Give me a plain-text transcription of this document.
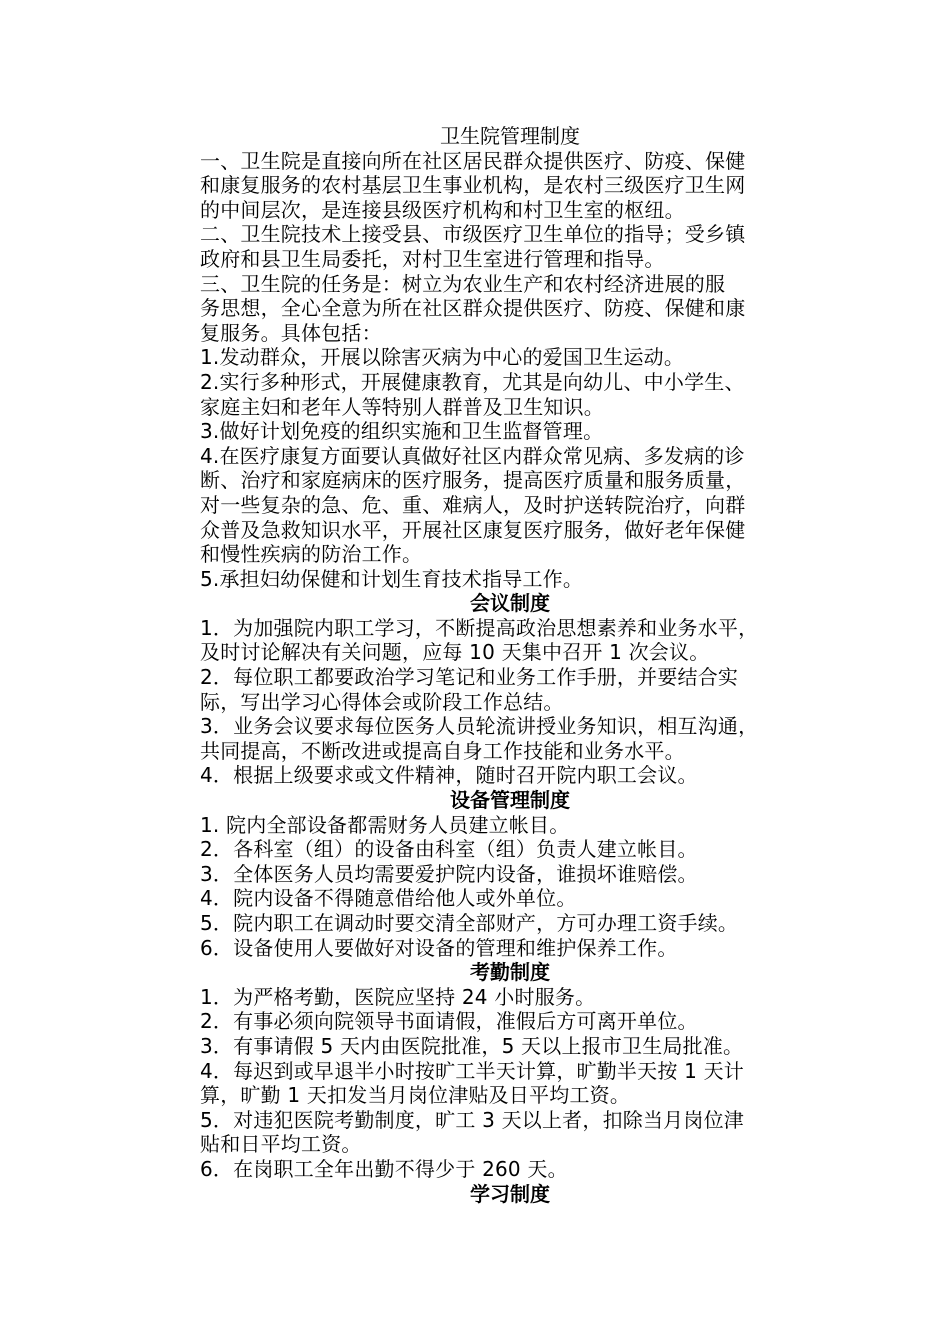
卫生院管理制度
一、卫生院是直接向所在社区居民群众提供医疗、防疫、保健
和康复服务的农村基层卫生事业机构，是农村三级医疗卫生网
的中间层次，是连接县级医疗机构和村卫生室的枢纽。
二、卫生院技术上接受县、市级医疗卫生单位的指导；受乡镇
政府和县卫生局委托，对村卫生室进行管理和指导。
三、卫生院的任务是：树立为农业生产和农村经济进展的服
务思想，全心全意为所在社区群众提供医疗、防疫、保健和康
复服务。具体包括：
1.发动群众，开展以除害灭病为中心的爱国卫生运动。
2.实行多种形式，开展健康教育，尤其是向幼儿、中小学生、
家庭主妇和老年人等特别人群普及卫生知识。
3.做好计划免疫的组织实施和卫生监督管理。
4.在医疗康复方面要认真做好社区内群众常见病、多发病的诊
断、治疗和家庭病床的医疗服务，提高医疗质量和服务质量，
对一些复杂的急、危、重、难病人，及时护送转院治疗，向群
众普及急救知识水平，开展社区康复医疗服务，做好老年保健
和慢性疾病的防治工作。
5.承担妇幼保健和计划生育技术指导工作。
会议制度
1．为加强院内职工学习，不断提高政治思想素养和业务水平，
及时讨论解决有关问题，应每 10 天集中召开 1 次会议。
2．每位职工都要政治学习笔记和业务工作手册，并要结合实
际，写出学习心得体会或阶段工作总结。
3．业务会议要求每位医务人员轮流讲授业务知识，相互沟通，
共同提高，不断改进或提高自身工作技能和业务水平。
4．根据上级要求或文件精神，随时召开院内职工会议。
设备管理制度
1. 院内全部设备都需财务人员建立帐目。
2．各科室（组）的设备由科室（组）负责人建立帐目。
3．全体医务人员均需要爱护院内设备，谁损坏谁赔偿。
4．院内设备不得随意借给他人或外单位。
5．院内职工在调动时要交清全部财产，方可办理工资手续。
6．设备使用人要做好对设备的管理和维护保养工作。
考勤制度
1．为严格考勤，医院应坚持 24 小时服务。
2．有事必须向院领导书面请假，准假后方可离开单位。
3．有事请假 5 天内由医院批准，5 天以上报市卫生局批准。
4．每迟到或早退半小时按旷工半天计算，旷勤半天按 1 天计
算，旷勤 1 天扣发当月岗位津贴及日平均工资。
5．对违犯医院考勤制度，旷工 3 天以上者，扣除当月岗位津
贴和日平均工资。
6．在岗职工全年出勤不得少于 260 天。
学习制度
